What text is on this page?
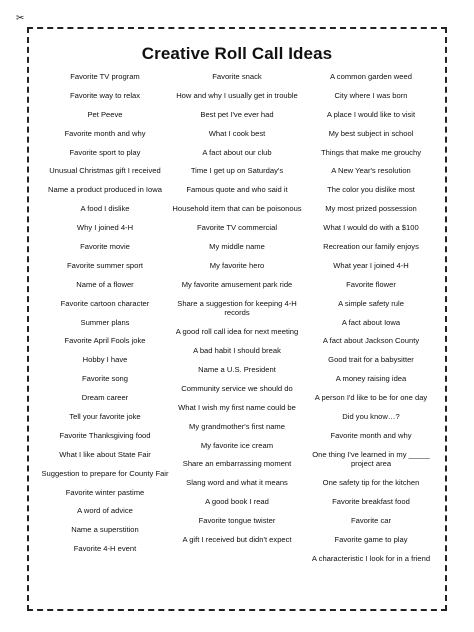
✂
Creative Roll Call Ideas
Favorite TV program
Favorite way to relax
Pet Peeve
Favorite month and why
Favorite sport to play
Unusual Christmas gift I received
Name a product produced in Iowa
A food I dislike
Why I joined 4-H
Favorite movie
Favorite summer sport
Name of a flower
Favorite cartoon character
Summer plans
Favorite April Fools joke
Hobby I have
Favorite song
Dream career
Tell your favorite joke
Favorite Thanksgiving food
What I like about State Fair
Suggestion to prepare for County Fair
Favorite winter pastime
A word of advice
Name a superstition
Favorite 4-H event
Favorite snack
How and why I usually get in trouble
Best pet I've ever had
What I cook best
A fact about our club
Time I get up on Saturday's
Famous quote and who said it
Household item that can be poisonous
Favorite TV commercial
My middle name
My favorite hero
My favorite amusement park ride
Share a suggestion for keeping 4-H records
A good roll call idea for next meeting
A bad habit I should break
Name a U.S. President
Community service we should do
What I wish my first name could be
My grandmother's first name
My favorite ice cream
Share an embarrassing moment
Slang word and what it means
A good book I read
Favorite tongue twister
A gift I received but didn't expect
A common garden weed
City where I was born
A place I would like to visit
My best subject in school
Things that make me grouchy
A New Year's resolution
The color you dislike most
My most prized possession
What I would do with a $100
Recreation our family enjoys
What year I joined 4-H
Favorite flower
A simple safety rule
A fact about Iowa
A fact about Jackson County
Good trait for a babysitter
A money raising idea
A person I'd like to be for one day
Did you know…?
Favorite month and why
One thing I've learned in my _____ project area
One safety tip for the kitchen
Favorite breakfast food
Favorite car
Favorite game to play
A characteristic I look for in a friend
